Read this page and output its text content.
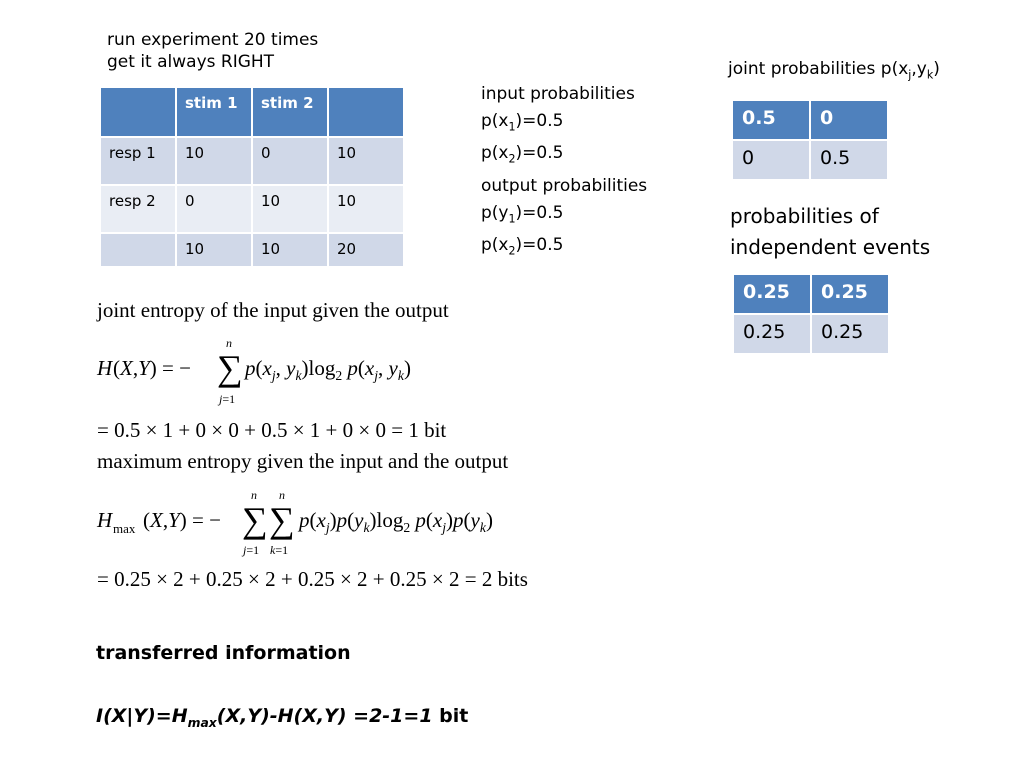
run experiment 20 times
get it always RIGHT
	stim 1	stim 2	
resp 1	10	0	10
resp 2	0	10	10
	10	10	20
input probabilities
$p(x_1)=0.5$
$p(x_2)=0.5$
output probabilities
$p(y_1)=0.5$
$p(x_2)=0.5$
joint probabilities $p(x_j,y_k)$
0.5	0
0	0.5
probabilities of
independent events
0.25	0.25
0.25	0.25
joint entropy of the input given the output
H (X,Y) = − ∑
n
j=1
$p(x_j$, $y_k)\log_2$ $p(x_j$, $y_k$)
= 0.5 × 1 + 0 × 0 + 0.5 × 1 + 0 × 0 = 1 bit
maximum entropy given the input and the output
H max (X,Y) = − ∑ ∑
n n
j=1 k=1
$p(x_j)p(y_k)\log_2$ $p(x_j)p(y_k)$
= 0.25 × 2 + 0.25 × 2 + 0.25 × 2 + 0.25 × 2 = 2 bits
transferred information
$I(X|Y)=H_{max}(X,Y)-H(X,Y) =2-1=1$ bit
